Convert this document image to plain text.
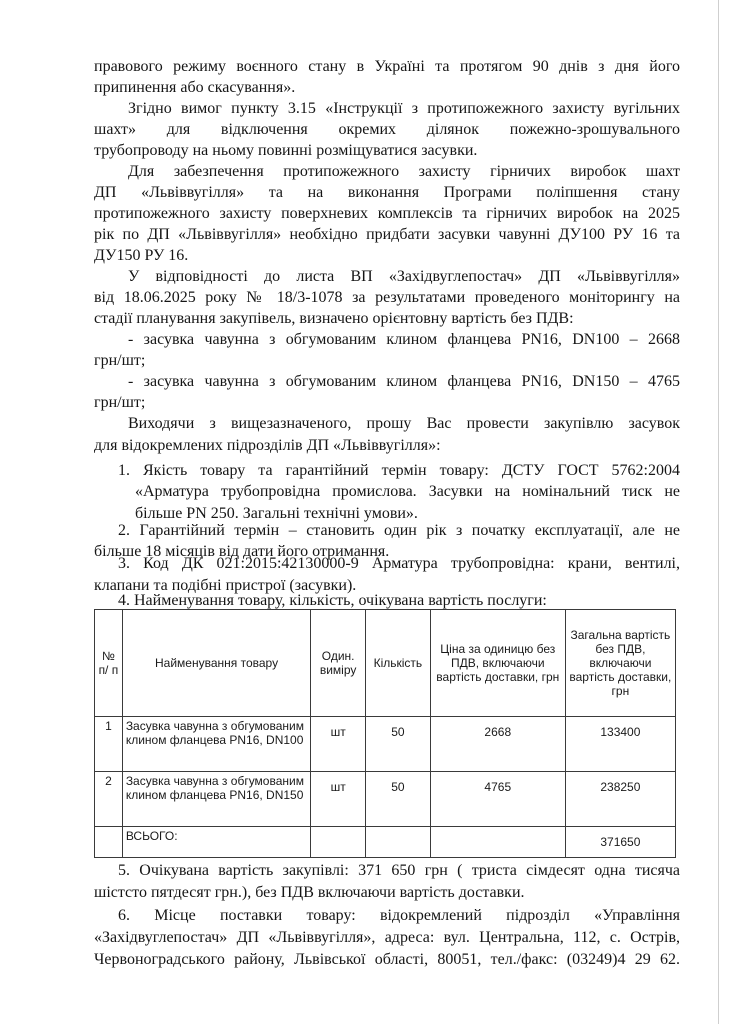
правового режиму воєнного стану в Україні та протягом 90 днів з дня його

припинення або скасування».

Згідно вимог пункту 3.15 «Інструкції з протипожежного захисту вугільних

шахт» для відключення окремих ділянок пожежно-зрошувального

трубопроводу на ньому повинні розміщуватися засувки.

Для забезпечення протипожежного захисту гірничих виробок шахт

ДП «Львіввугілля» та на виконання Програми поліпшення стану

протипожежного захисту поверхневих комплексів та гірничих виробок на 2025

рік по ДП «Львіввугілля» необхідно придбати засувки чавунні ДУ100 РУ 16 та

ДУ150 РУ 16.

У відповідності до листа ВП «Західвуглепостач» ДП «Львіввугілля»

від 18.06.2025 року № 18/3-1078 за результатами проведеного моніторингу на

стадії планування закупівель, визначено орієнтовну вартість без ПДВ:

- засувка чавунна з обгумованим клином фланцева PN16, DN100 – 2668

грн/шт;

- засувка чавунна з обгумованим клином фланцева PN16, DN150 – 4765

грн/шт;

Виходячи з вищезазначеного, прошу Вас провести закупівлю засувок

для відокремлених підрозділів ДП «Львіввугілля»:

1. Якість товару та гарантійний термін товару: ДСТУ ГОСТ 5762:2004

«Арматура трубопровідна промислова. Засувки на номінальний тиск не

більше PN 250. Загальні технічні умови».

2. Гарантійний термін – становить один рік з початку експлуатації, але не

більше 18 місяців від дати його отримання.

№ п/ п	Найменування товару	Один. виміру	Кількість	Ціна за одиницю без ПДВ, включаючи вартість доставки, грн	Загальна вартість без ПДВ, включаючи вартість доставки, грн
1	Засувка чавунна з обгумованим клином фланцева PN16, DN100	шт	50	2668	133400
2	Засувка чавунна з обгумованим клином фланцева PN16, DN150	шт	50	4765	238250
	ВСЬОГО:				371650

5. Очікувана вартість закупівлі: 371 650 грн ( триста сімдесят одна тисяча

шістсто пятдесят грн.), без ПДВ включаючи вартість доставки.

6. Місце поставки товару: відокремлений підрозділ «Управління

«Західвуглепостач» ДП «Львіввугілля», адреса: вул. Центральна, 112, с. Острів,

Червоноградського району, Львівської області, 80051, тел./факс: (03249)4 29 62.

3. Код ДК 021:2015:42130000-9 Арматура трубопровідна: крани, вентилі,

клапани та подібні пристрої (засувки).

4. Найменування товару, кількість, очікувана вартість послуги:
